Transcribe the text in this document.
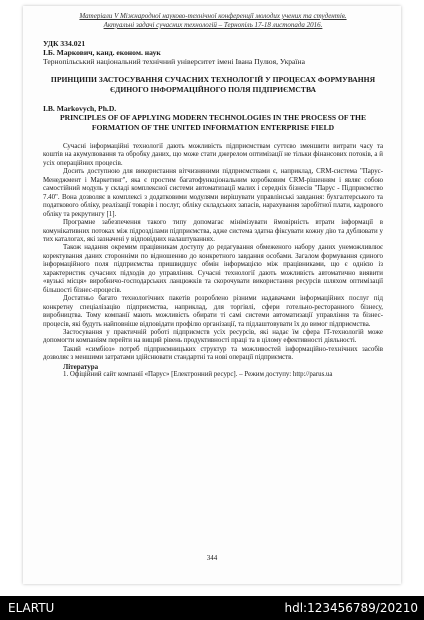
Матеріали V Міжнародної науково-технічної конференції молодих учених та студентів.
Актуальні задачі сучасних технологій – Тернопіль 17-18 листопада 2016.
УДК 334.021
І.Б. Маркович, канд. економ. наук
Тернопільський національний технічний університет імені Івана Пулюя, Україна
ПРИНЦИПИ ЗАСТОСУВАННЯ СУЧАСНИХ ТЕХНОЛОГІЙ У ПРОЦЕСАХ ФОРМУВАННЯ ЄДИНОГО ІНФОРМАЦІЙНОГО ПОЛЯ ПІДПРИЄМСТВА
I.B. Markovych, Ph.D.
PRINCIPLES OF OF APPLYING MODERN TECHNOLOGIES IN THE PROCESS OF THE FORMATION OF THE UNITED INFORMATION ENTERPRISE FIELD

Сучасні інформаційні технології дають можливість підприємствам суттєво зменшити витрати часу та коштів на акумулювання та обробку даних, що може стати джерелом оптимізації не тільки фінансових потоків, а й усіх операційних процесів.

Досить доступною для використання вітчизняними підприємствами є, наприклад, CRM-система "Парус-Менеджмент і Маркетинг", яка є простим багатофункціональним коробковим CRM-рішенням і являє собою самостійний модуль у складі комплексної системи автоматизації малих і середніх бізнесів "Парус - Підприємство 7.40". Вона дозволяє в комплексі з додатковими модулями вирішувати управлінські завдання: бухгалтерського та податкового обліку, реалізації товарів і послуг, обліку складських запасів, нарахування заробітної плати, кадрового обліку та рекрутингу [1].

Програмне забезпечення такого типу допомагає мінімізувати ймовірність втрати інформації в комунікативних потоках між підрозділами підприємства, адже система здатна фіксувати кожну дію та дублювати у тих каталогах, які зазначені у відповідних налаштуваннях.

Також надання окремим працівникам доступу до редагування обмеженого набору даних унеможливлює коректування даних сторонніми по відношенню до конкретного завдання особами. Загалом формування єдиного інформаційного поля підприємства пришвидшує обмін інформацією між працівниками, що є однією із характеристик сучасних підходів до управління. Сучасні технології дають можливість автоматично виявити «вузькі місця» виробничо-господарських ланцюжків та скорочувати використання ресурсів шляхом оптимізації більшості бізнес-процесів.

Достатньо багато технологічних пакетів розроблено різними надавачами інформаційних послуг під конкретну спеціалізацію підприємства, наприклад, для торгівлі, сфери готельно-ресторанного бізнесу, виробництва. Тому компанії мають можливість обирати ті самі системи автоматизації управління та бізнес-процесів, які будуть найповніше відповідати профілю організації, та підлаштовувати їх до вимог підприємства.

Застосування у практичній роботі підприємств усіх ресурсів, які надає їм сфера IT-технологій може допомогти компаніям перейти на вищий рівень продуктивності праці та в цілому ефективності діяльності.

Такий «симбіоз» потреб підприємницьких структур та можливостей інформаційно-технічних засобів дозволяє з меншими затратами здійснювати стандартні та нові операції підприємств.

Література

1. Офіційний сайт компанії «Парус» [Електронний ресурс]. – Режим доступу: http://parus.ua

344
ELARTU	hdl:123456789/20210
